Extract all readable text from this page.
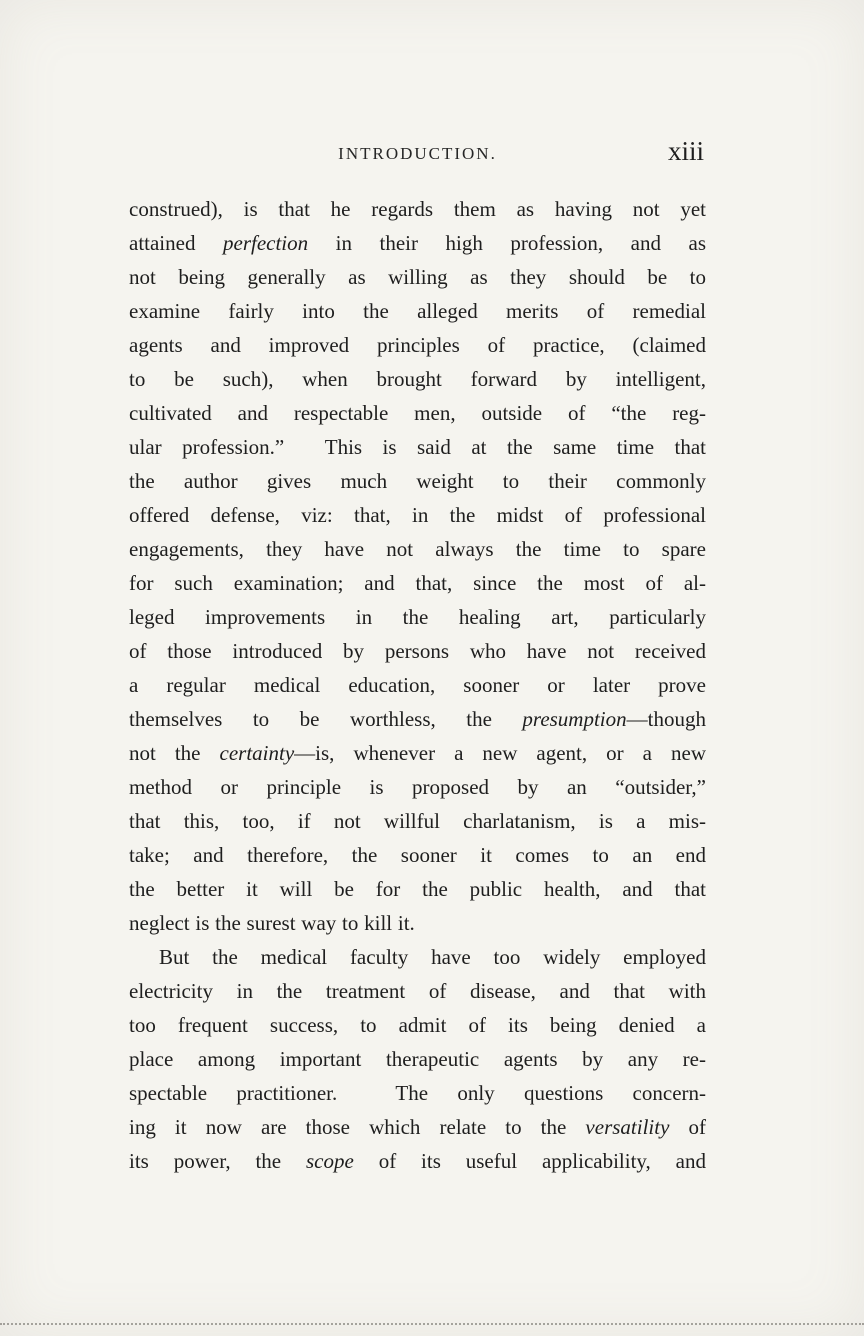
INTRODUCTION.	xiii
construed), is that he regards them as having not yet
attained perfection in their high profession, and as
not being generally as willing as they should be to
examine fairly into the alleged merits of remedial
agents and improved principles of practice, (claimed
to be such), when brought forward by intelligent,
cultivated and respectable men, outside of “the reg-
ular profession.”  This is said at the same time that
the author gives much weight to their commonly
offered defense, viz: that, in the midst of professional
engagements, they have not always the time to spare
for such examination; and that, since the most of al-
leged improvements in the healing art, particularly
of those introduced by persons who have not received
a regular medical education, sooner or later prove
themselves to be worthless, the presumption—though
not the certainty—is, whenever a new agent, or a new
method or principle is proposed by an “outsider,”
that this, too, if not willful charlatanism, is a mis-
take; and therefore, the sooner it comes to an end
the better it will be for the public health, and that
neglect is the surest way to kill it.
But the medical faculty have too widely employed
electricity in the treatment of disease, and that with
too frequent success, to admit of its being denied a
place among important therapeutic agents by any re-
spectable practitioner.  The only questions concern-
ing it now are those which relate to the versatility of
its power, the scope of its useful applicability, and
